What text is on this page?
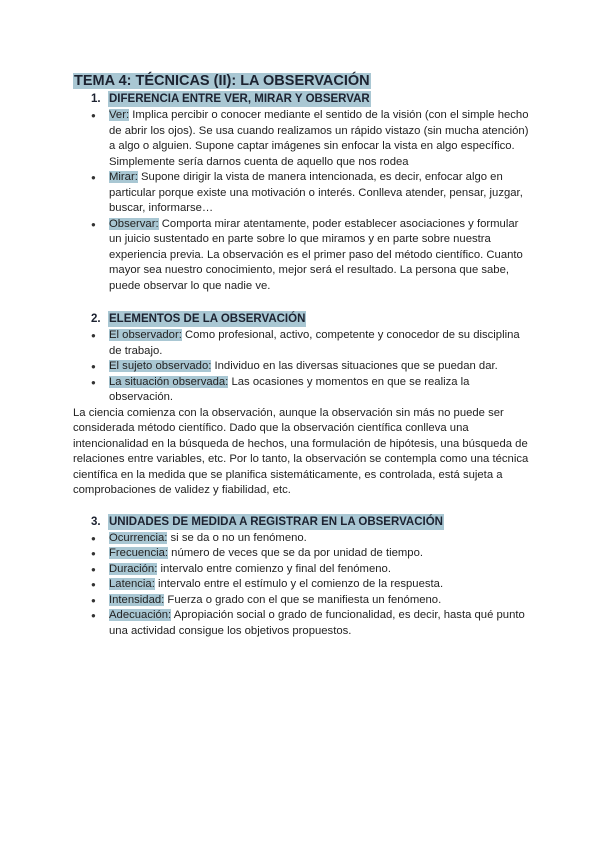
TEMA 4: TÉCNICAS (II): LA OBSERVACIÓN
1. DIFERENCIA ENTRE VER, MIRAR Y OBSERVAR
● Ver: Implica percibir o conocer mediante el sentido de la visión (con el simple hecho de abrir los ojos). Se usa cuando realizamos un rápido vistazo (sin mucha atención) a algo o alguien. Supone captar imágenes sin enfocar la vista en algo específico. Simplemente sería darnos cuenta de aquello que nos rodea
● Mirar: Supone dirigir la vista de manera intencionada, es decir, enfocar algo en particular porque existe una motivación o interés. Conlleva atender, pensar, juzgar, buscar, informarse…
● Observar: Comporta mirar atentamente, poder establecer asociaciones y formular un juicio sustentado en parte sobre lo que miramos y en parte sobre nuestra experiencia previa. La observación es el primer paso del método científico. Cuanto mayor sea nuestro conocimiento, mejor será el resultado. La persona que sabe, puede observar lo que nadie ve.
2. ELEMENTOS DE LA OBSERVACIÓN
● El observador: Como profesional, activo, competente y conocedor de su disciplina de trabajo.
● El sujeto observado: Individuo en las diversas situaciones que se puedan dar.
● La situación observada: Las ocasiones y momentos en que se realiza la observación.

La ciencia comienza con la observación, aunque la observación sin más no puede ser considerada método científico. Dado que la observación científica conlleva una intencionalidad en la búsqueda de hechos, una formulación de hipótesis, una búsqueda de relaciones entre variables, etc. Por lo tanto, la observación se contempla como una técnica científica en la medida que se planifica sistemáticamente, es controlada, está sujeta a comprobaciones de validez y fiabilidad, etc.

3. UNIDADES DE MEDIDA A REGISTRAR EN LA OBSERVACIÓN
● Ocurrencia: si se da o no un fenómeno.
● Frecuencia: número de veces que se da por unidad de tiempo.
● Duración: intervalo entre comienzo y final del fenómeno.
● Latencia: intervalo entre el estímulo y el comienzo de la respuesta.
● Intensidad: Fuerza o grado con el que se manifiesta un fenómeno.
● Adecuación: Apropiación social o grado de funcionalidad, es decir, hasta qué punto una actividad consigue los objetivos propuestos.
